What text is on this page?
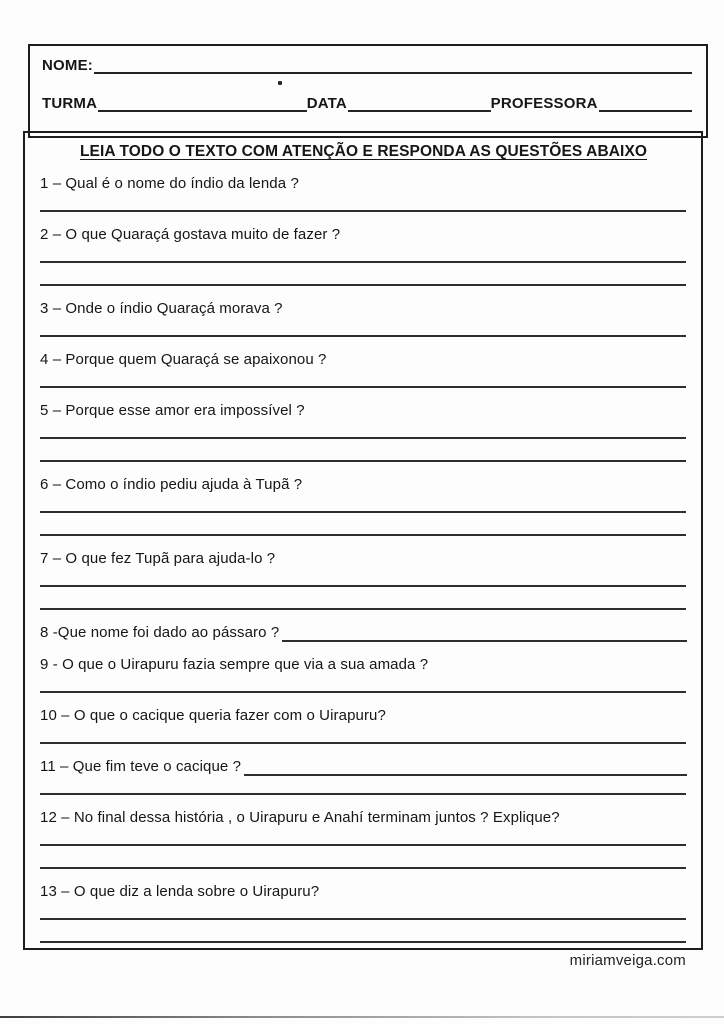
NOME:
TURMA	DATA	PROFESSORA
LEIA TODO O TEXTO COM ATENÇÃO E RESPONDA AS QUESTÕES ABAIXO
1 – Qual é o nome do índio da lenda ?
2 – O que Quaraçá gostava muito de fazer ?
3 – Onde o índio Quaraçá morava ?
4 – Porque quem Quaraçá se apaixonou ?
5 – Porque esse amor era impossível ?
6 – Como o índio pediu ajuda à Tupã ?
7 – O que fez Tupã para ajuda-lo ?
8 -Que nome foi dado ao pássaro ?
9 - O que o Uirapuru fazia sempre que via a sua amada ?
10 – O que o cacique queria fazer com o Uirapuru?
11 – Que fim teve o cacique ?
12 – No final dessa história , o Uirapuru e Anahí terminam juntos ? Explique?
13 – O que diz a lenda sobre o Uirapuru?
miriamveiga.com
